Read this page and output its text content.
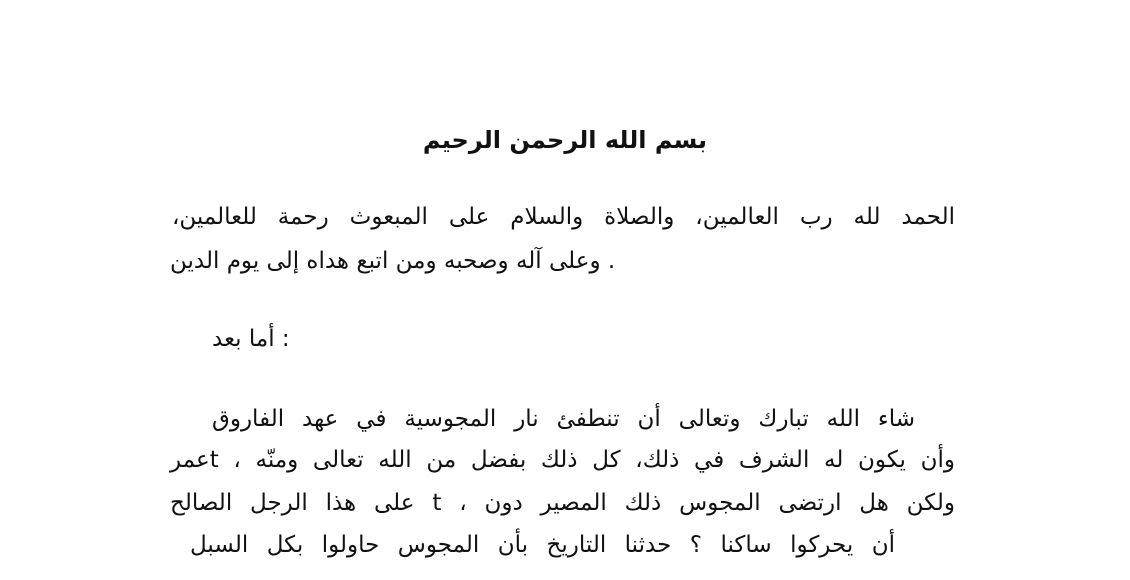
بسم الله الرحمن الرحيم
الحمد لله رب العالمين، والصلاة والسلام على المبعوث رحمة للعالمين،
. وعلى آله وصحبه ومن اتبع هداه إلى يوم الدين
: أما بعد
شاء الله تبارك وتعالى أن تنطفئ نار المجوسية في عهد الفاروق
وأن يكون له الشرف في ذلك، كل ذلك بفضل من الله تعالى ومنّه ، tعمر
ولكن هل ارتضى المجوس ذلك المصير دون ، t على هذا الرجل الصالح
أن يحركوا ساكنا ؟ حدثنا التاريخ بأن المجوس حاولوا بكل السبل
